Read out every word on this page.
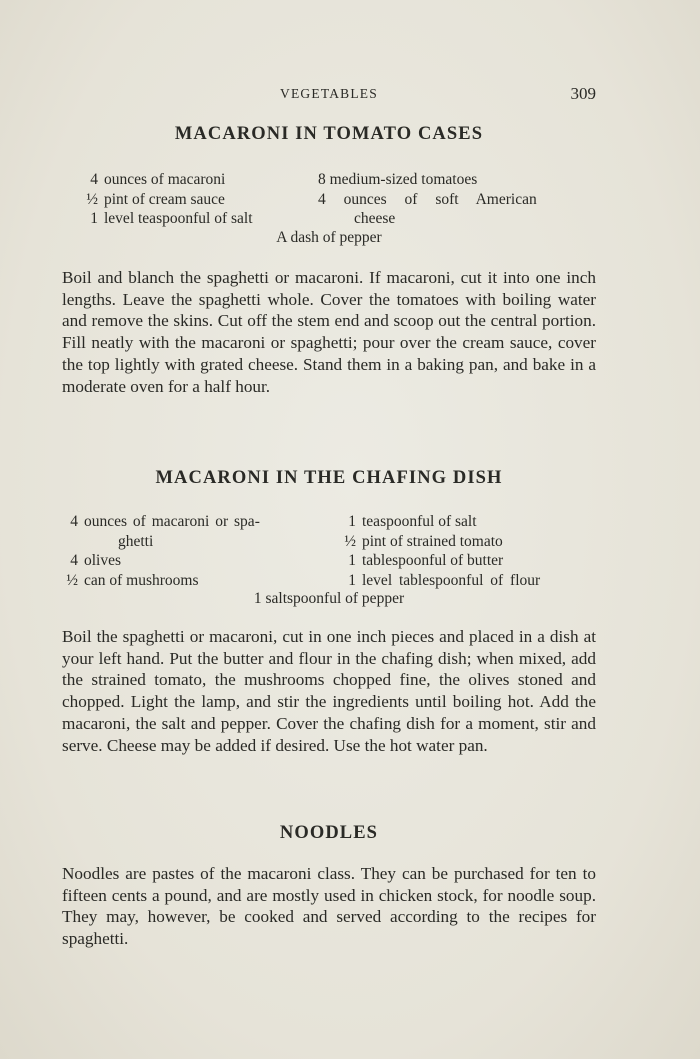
VEGETABLES	309
MACARONI IN TOMATO CASES
4 ounces of macaroni
½ pint of cream sauce
1 level teaspoonful of salt
8 medium-sized tomatoes
4 ounces of soft American
cheese
A dash of pepper

Boil and blanch the spaghetti or macaroni. If macaroni, cut it into one inch lengths. Leave the spaghetti whole. Cover the tomatoes with boiling water and remove the skins. Cut off the stem end and scoop out the central portion. Fill neatly with the macaroni or spaghetti; pour over the cream sauce, cover the top lightly with grated cheese. Stand them in a baking pan, and bake in a moderate oven for a half hour.

MACARONI IN THE CHAFING DISH
4 ounces of macaroni or spa-
ghetti
4 olives
½ can of mushrooms
1 teaspoonful of salt
½ pint of strained tomato
1 tablespoonful of butter
1 level tablespoonful of flour
1 saltspoonful of pepper

Boil the spaghetti or macaroni, cut in one inch pieces and placed in a dish at your left hand. Put the butter and flour in the chafing dish; when mixed, add the strained tomato, the mushrooms chopped fine, the olives stoned and chopped. Light the lamp, and stir the ingredients until boiling hot. Add the macaroni, the salt and pepper. Cover the chafing dish for a moment, stir and serve. Cheese may be added if desired. Use the hot water pan.

NOODLES

Noodles are pastes of the macaroni class. They can be purchased for ten to fifteen cents a pound, and are mostly used in chicken stock, for noodle soup. They may, however, be cooked and served according to the recipes for spaghetti.
